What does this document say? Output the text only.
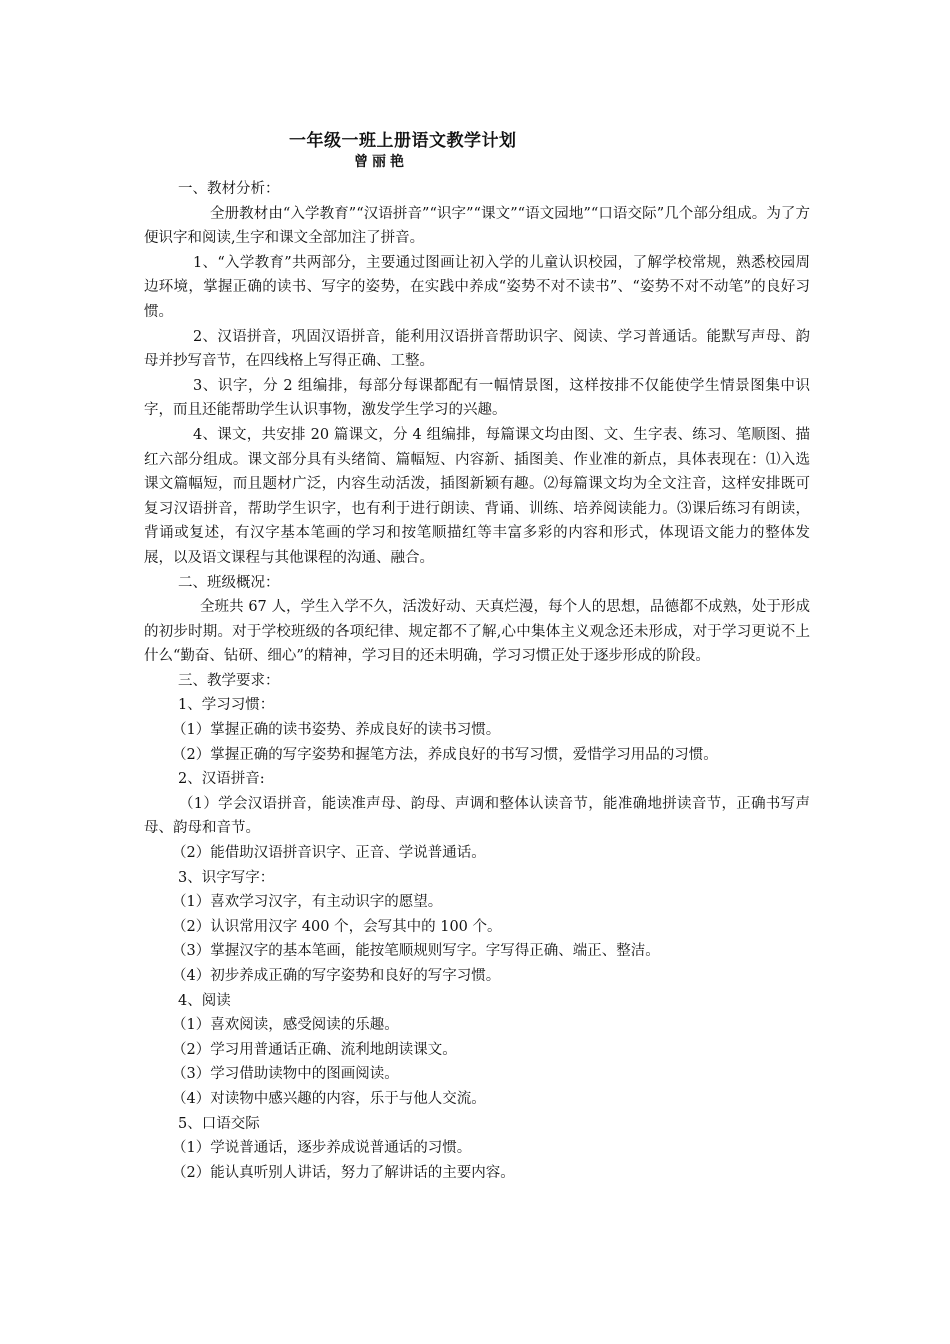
一年级一班上册语文教学计划
曾丽艳

一、教材分析：

全册教材由“入学教育”“汉语拼音”“识字”“课文”“语文园地”“口语交际”几个部分组成。为了方便识字和阅读,生字和课文全部加注了拼音。

1、“入学教育”共两部分，主要通过图画让初入学的儿童认识校园，了解学校常规，熟悉校园周边环境，掌握正确的读书、写字的姿势，在实践中养成“姿势不对不读书”、“姿势不对不动笔”的良好习惯。

2、汉语拼音，巩固汉语拼音，能利用汉语拼音帮助识字、阅读、学习普通话。能默写声母、韵母并抄写音节，在四线格上写得正确、工整。

3、识字，分 2 组编排，每部分每课都配有一幅情景图，这样按排不仅能使学生情景图集中识字，而且还能帮助学生认识事物，激发学生学习的兴趣。

4、课文，共安排 20 篇课文，分 4 组编排，每篇课文均由图、文、生字表、练习、笔顺图、描红六部分组成。课文部分具有头绪简、篇幅短、内容新、插图美、作业准的新点，具体表现在：⑴入选课文篇幅短，而且题材广泛，内容生动活泼，插图新颖有趣。⑵每篇课文均为全文注音，这样安排既可复习汉语拼音，帮助学生识字，也有利于进行朗读、背诵、训练、培养阅读能力。⑶课后练习有朗读，背诵或复述，有汉字基本笔画的学习和按笔顺描红等丰富多彩的内容和形式，体现语文能力的整体发展，以及语文课程与其他课程的沟通、融合。

二、班级概况：

全班共 67 人，学生入学不久，活泼好动、天真烂漫，每个人的思想，品德都不成熟，处于形成的初步时期。对于学校班级的各项纪律、规定都不了解,心中集体主义观念还未形成，对于学习更说不上什么“勤奋、钻研、细心”的精神，学习目的还未明确，学习习惯正处于逐步形成的阶段。

三、教学要求：

1、学习习惯：

（1）掌握正确的读书姿势、养成良好的读书习惯。

（2）掌握正确的写字姿势和握笔方法，养成良好的书写习惯，爱惜学习用品的习惯。

2、汉语拼音:

（1）学会汉语拼音，能读准声母、韵母、声调和整体认读音节，能准确地拼读音节，正确书写声母、韵母和音节。

（2）能借助汉语拼音识字、正音、学说普通话。

3、识字写字：

（1）喜欢学习汉字，有主动识字的愿望。

（2）认识常用汉字 400 个，会写其中的 100 个。

（3）掌握汉字的基本笔画，能按笔顺规则写字。字写得正确、端正、整洁。

（4）初步养成正确的写字姿势和良好的写字习惯。

4、阅读

（1）喜欢阅读，感受阅读的乐趣。

（2）学习用普通话正确、流利地朗读课文。

（3）学习借助读物中的图画阅读。

（4）对读物中感兴趣的内容，乐于与他人交流。

5、口语交际

（1）学说普通话，逐步养成说普通话的习惯。

（2）能认真听别人讲话，努力了解讲话的主要内容。
